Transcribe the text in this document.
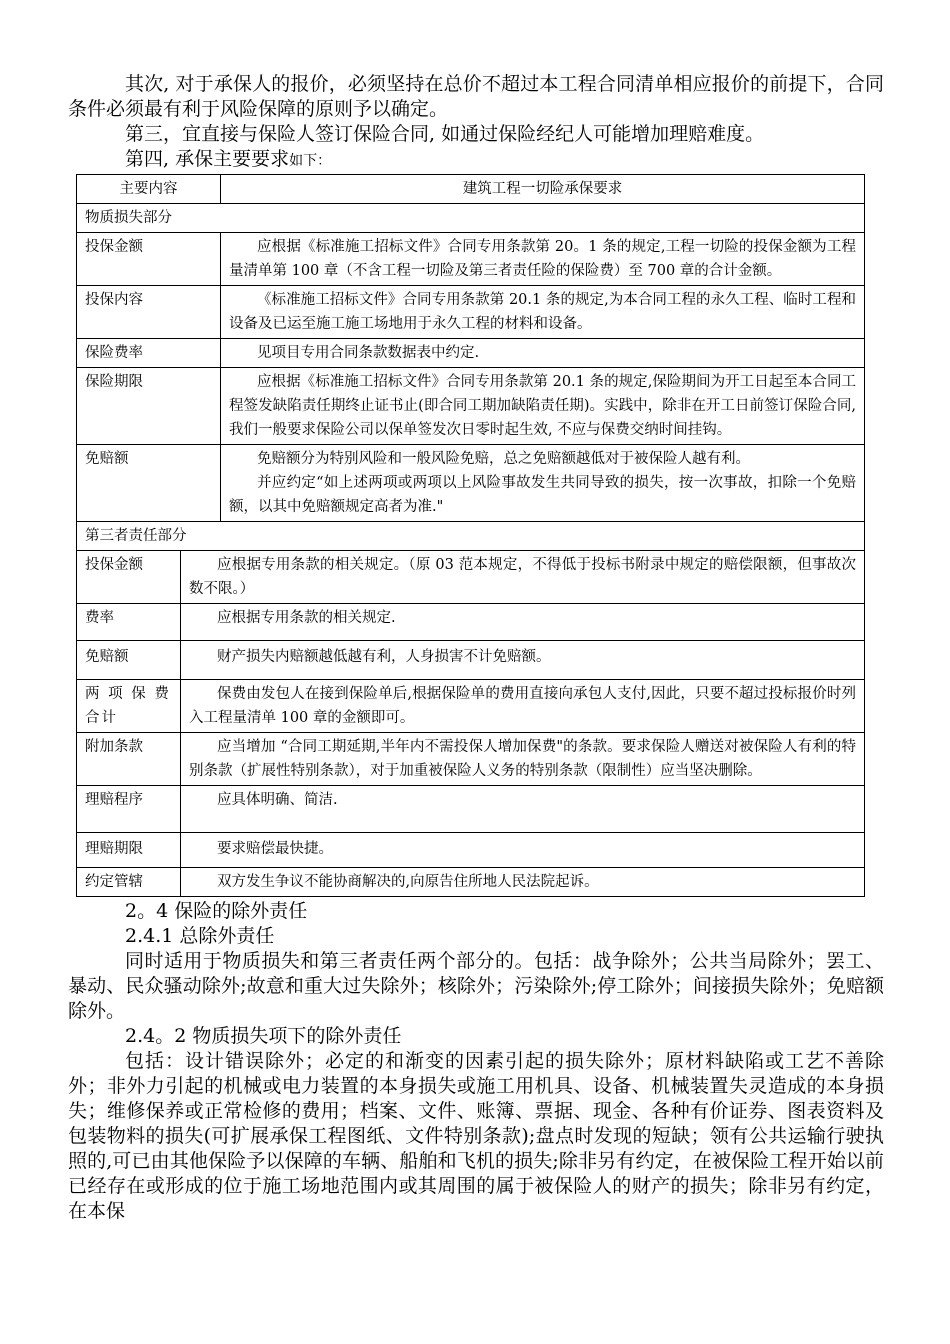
其次, 对于承保人的报价，必须坚持在总价不超过本工程合同清单相应报价的前提下，合同条件必须最有利于风险保障的原则予以确定。

第三，宜直接与保险人签订保险合同, 如通过保险经纪人可能增加理赔难度。

第四, 承保主要要求如下：

主要内容	建筑工程一切险承保要求
物质损失部分	
投保金额	应根据《标准施工招标文件》合同专用条款第 20。1 条的规定,工程一切险的投保金额为工程量清单第 100 章（不含工程一切险及第三者责任险的保险费）至 700 章的合计金额。

投保内容	《标准施工招标文件》合同专用条款第 20.1 条的规定,为本合同工程的永久工程、临时工程和设备及已运至施工施工场地用于永久工程的材料和设备。

保险费率	见项目专用合同条款数据表中约定.

保险期限	应根据《标准施工招标文件》合同专用条款第 20.1 条的规定,保险期间为开工日起至本合同工程签发缺陷责任期终止证书止(即合同工期加缺陷责任期)。实践中，除非在开工日前签订保险合同, 我们一般要求保险公司以保单签发次日零时起生效, 不应与保费交纳时间挂钩。

免赔额	免赔额分为特别风险和一般风险免赔，总之免赔额越低对于被保险人越有利。

并应约定“如上述两项或两项以上风险事故发生共同导致的损失，按一次事故，扣除一个免赔额，以其中免赔额规定高者为准."

第三者责任部分	
投保金额	应根据专用条款的相关规定。（原 03 范本规定，不得低于投标书附录中规定的赔偿限额，但事故次数不限。）

费率	应根据专用条款的相关规定.

免赔额	财产损失内赔额越低越有利，人身损害不计免赔额。

两 项 保 费合计	保费由发包人在接到保险单后,根据保险单的费用直接向承包人支付,因此，只要不超过投标报价时列入工程量清单 100 章的金额即可。

附加条款	应当增加 “合同工期延期,半年内不需投保人增加保费"的条款。要求保险人赠送对被保险人有利的特别条款（扩展性特别条款），对于加重被保险人义务的特别条款（限制性）应当坚决删除。

理赔程序	应具体明确、简洁.

理赔期限	要求赔偿最快捷。

约定管辖	双方发生争议不能协商解决的,向原告住所地人民法院起诉。

2。4 保险的除外责任

2.4.1 总除外责任

同时适用于物质损失和第三者责任两个部分的。包括：战争除外；公共当局除外；罢工、暴动、民众骚动除外;故意和重大过失除外；核除外；污染除外;停工除外；间接损失除外；免赔额除外。

2.4。2 物质损失项下的除外责任

包括：设计错误除外；必定的和渐变的因素引起的损失除外；原材料缺陷或工艺不善除外；非外力引起的机械或电力装置的本身损失或施工用机具、设备、机械装置失灵造成的本身损失；维修保养或正常检修的费用；档案、文件、账簿、票据、现金、各种有价证券、图表资料及包装物料的损失(可扩展承保工程图纸、文件特别条款);盘点时发现的短缺；领有公共运输行驶执照的,可已由其他保险予以保障的车辆、船舶和飞机的损失;除非另有约定，在被保险工程开始以前已经存在或形成的位于施工场地范围内或其周围的属于被保险人的财产的损失；除非另有约定，在本保
